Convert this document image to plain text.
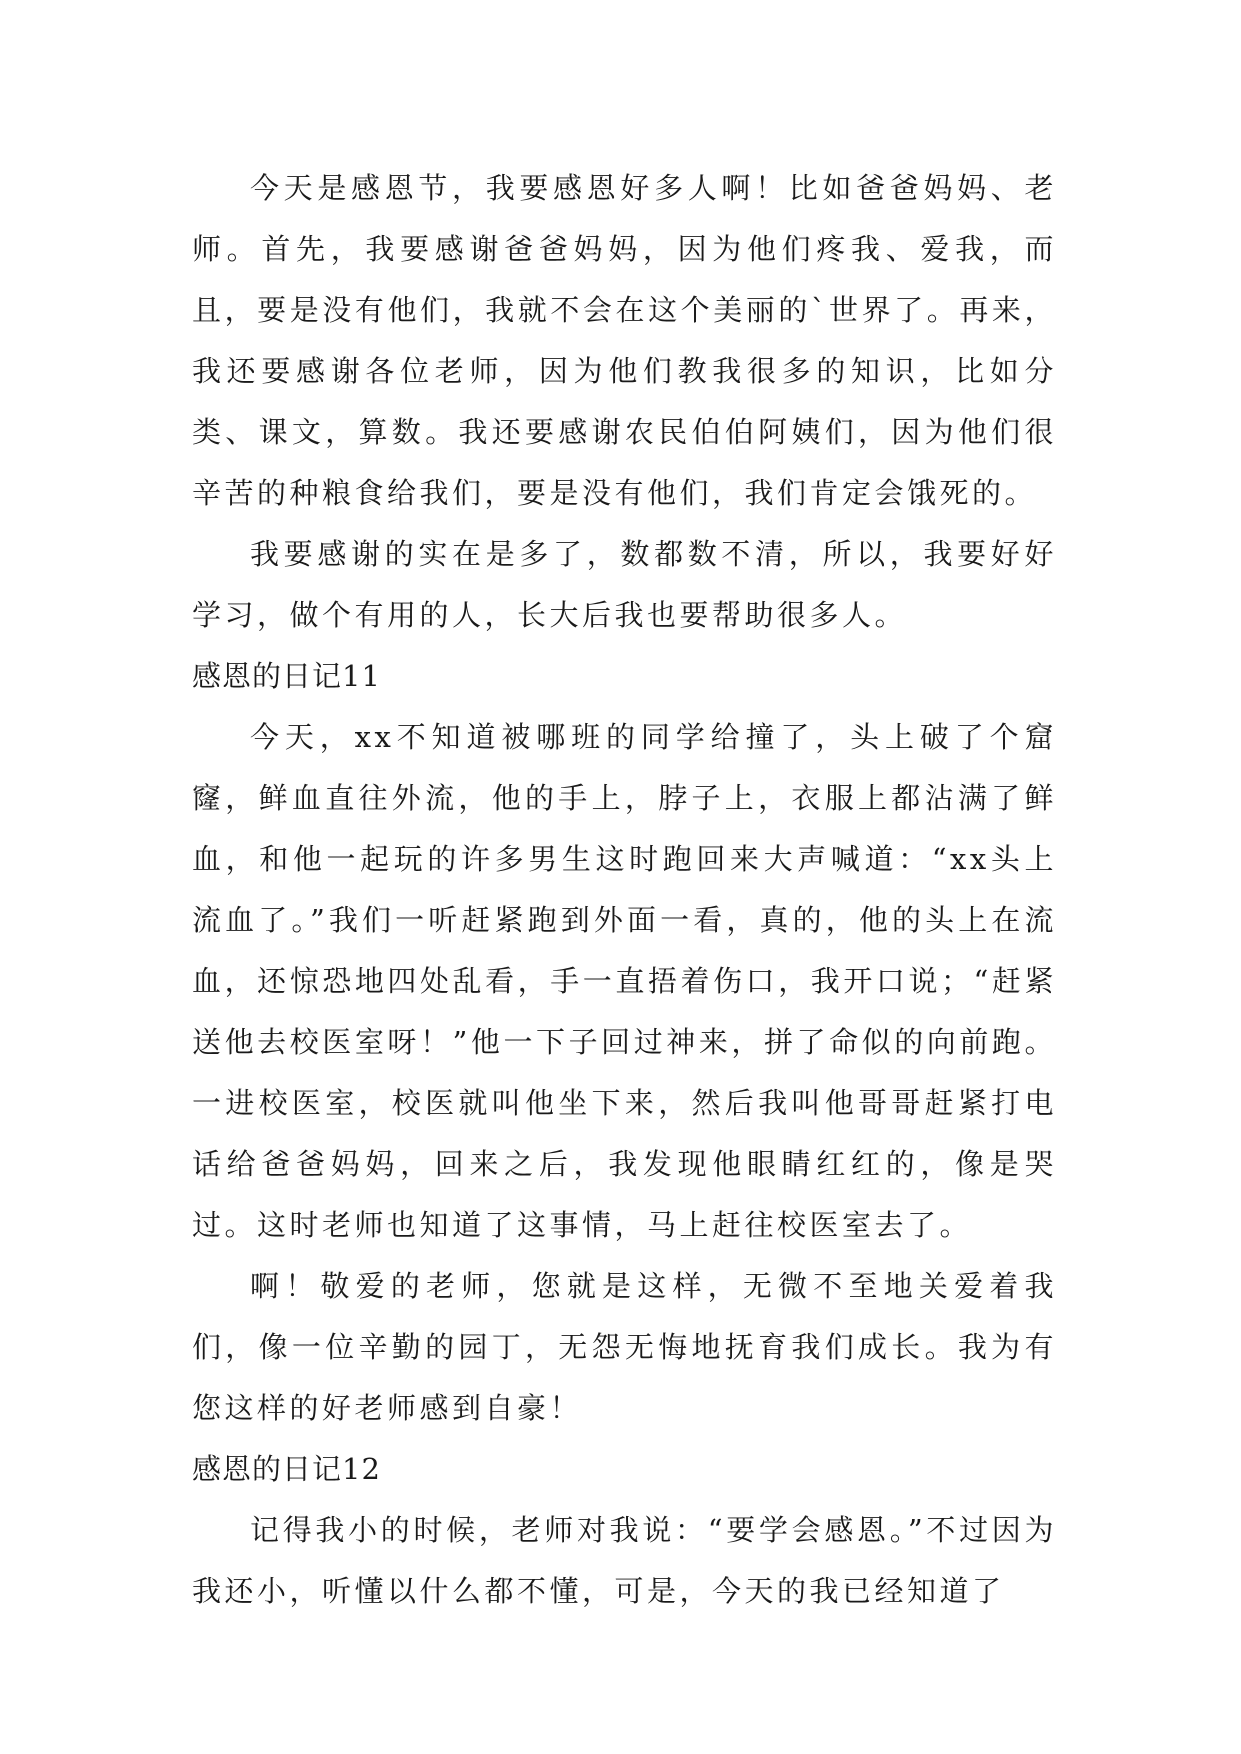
今天是感恩节，我要感恩好多人啊！比如爸爸妈妈、老师。首先，我要感谢爸爸妈妈，因为他们疼我、爱我，而且，要是没有他们，我就不会在这个美丽的`世界了。再来，我还要感谢各位老师，因为他们教我很多的知识，比如分类、课文，算数。我还要感谢农民伯伯阿姨们，因为他们很辛苦的种粮食给我们，要是没有他们，我们肯定会饿死的。

我要感谢的实在是多了，数都数不清，所以，我要好好学习，做个有用的人，长大后我也要帮助很多人。

感恩的日记11

今天，xx不知道被哪班的同学给撞了，头上破了个窟窿，鲜血直往外流，他的手上，脖子上，衣服上都沾满了鲜血，和他一起玩的许多男生这时跑回来大声喊道：“xx头上流血了。”我们一听赶紧跑到外面一看，真的，他的头上在流血，还惊恐地四处乱看，手一直捂着伤口，我开口说；“赶紧送他去校医室呀！”他一下子回过神来，拼了命似的向前跑。一进校医室，校医就叫他坐下来，然后我叫他哥哥赶紧打电话给爸爸妈妈，回来之后，我发现他眼睛红红的，像是哭过。这时老师也知道了这事情，马上赶往校医室去了。

啊！敬爱的老师，您就是这样，无微不至地关爱着我们，像一位辛勤的园丁，无怨无悔地抚育我们成长。我为有您这样的好老师感到自豪！

感恩的日记12

记得我小的时候，老师对我说：“要学会感恩。”不过因为我还小，听懂以什么都不懂，可是，今天的我已经知道了
